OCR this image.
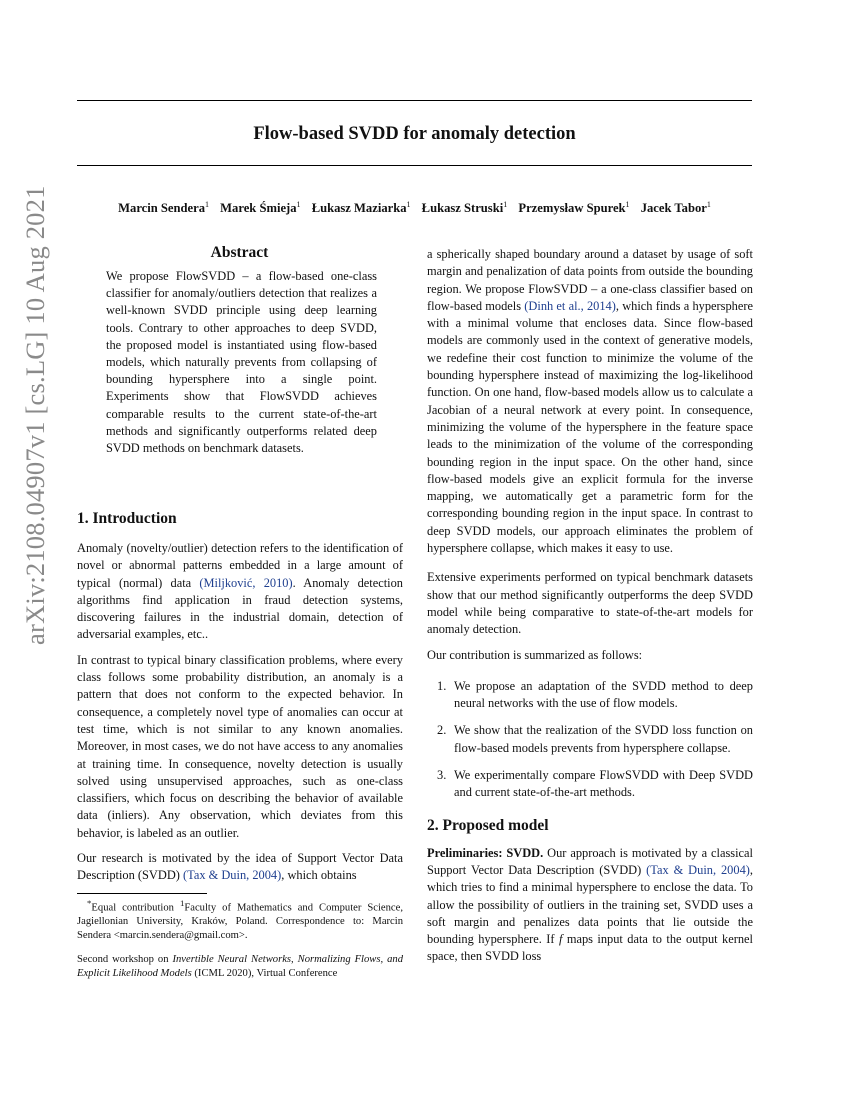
Flow-based SVDD for anomaly detection
Marcin Sendera$^1$ Marek Śmieja$^1$ Łukasz Maziarka$^1$ Łukasz Struski$^1$ Przemysław Spurek$^1$ Jacek Tabor$^1$
arXiv:2108.04907v1 [cs.LG] 10 Aug 2021	Abstract
We propose FlowSVDD – a flow-based one-class classifier for anomaly/outliers detection that realizes a well-known SVDD principle using deep learning tools. Contrary to other approaches to deep SVDD, the proposed model is instantiated using flow-based models, which naturally prevents from collapsing of bounding hypersphere into a single point. Experiments show that FlowSVDD achieves comparable results to the current state-of-the-art methods and significantly outperforms related deep SVDD methods on benchmark datasets.
1. Introduction

Anomaly (novelty/outlier) detection refers to the identification of novel or abnormal patterns embedded in a large amount of typical (normal) data (Miljković, 2010). Anomaly detection algorithms find application in fraud detection systems, discovering failures in the industrial domain, detection of adversarial examples, etc..

In contrast to typical binary classification problems, where every class follows some probability distribution, an anomaly is a pattern that does not conform to the expected behavior. In consequence, a completely novel type of anomalies can occur at test time, which is not similar to any known anomalies. Moreover, in most cases, we do not have access to any anomalies at training time. In consequence, novelty detection is usually solved using unsupervised approaches, such as one-class classifiers, which focus on describing the behavior of available data (inliers). Any observation, which deviates from this behavior, is labeled as an outlier.

Our research is motivated by the idea of Support Vector Data Description (SVDD) (Tax & Duin, 2004), which obtains

*Equal contribution $^1$Faculty of Mathematics and Computer Science, Jagiellonian University, Kraków, Poland. Correspondence to: Marcin Sendera <marcin.sendera@gmail.com>.

Second workshop on Invertible Neural Networks, Normalizing Flows, and Explicit Likelihood Models (ICML 2020), Virtual Conference

a spherically shaped boundary around a dataset by usage of soft margin and penalization of data points from outside the bounding region. We propose FlowSVDD – a one-class classifier based on flow-based models (Dinh et al., 2014), which finds a hypersphere with a minimal volume that encloses data. Since flow-based models are commonly used in the context of generative models, we redefine their cost function to minimize the volume of the bounding hypersphere instead of maximizing the log-likelihood function. On one hand, flow-based models allow us to calculate a Jacobian of a neural network at every point. In consequence, minimizing the volume of the hypersphere in the feature space leads to the minimization of the volume of the corresponding bounding region in the input space. On the other hand, since flow-based models give an explicit formula for the inverse mapping, we automatically get a parametric form for the corresponding bounding region in the input space. In contrast to deep SVDD models, our approach eliminates the problem of hypersphere collapse, which makes it easy to use.

Extensive experiments performed on typical benchmark datasets show that our method significantly outperforms the deep SVDD model while being comparative to state-of-the-art models for anomaly detection.

Our contribution is summarized as follows:

1. We propose an adaptation of the SVDD method to deep neural networks with the use of flow models.
2. We show that the realization of the SVDD loss function on flow-based models prevents from hypersphere collapse.
3. We experimentally compare FlowSVDD with Deep SVDD and current state-of-the-art methods.
2. Proposed model

Preliminaries: SVDD. Our approach is motivated by a classical Support Vector Data Description (SVDD) (Tax & Duin, 2004), which tries to find a minimal hypersphere to enclose the data. To allow the possibility of outliers in the training set, SVDD uses a soft margin and penalizes data points that lie outside the bounding hypersphere. If f maps input data to the output kernel space, then SVDD loss
